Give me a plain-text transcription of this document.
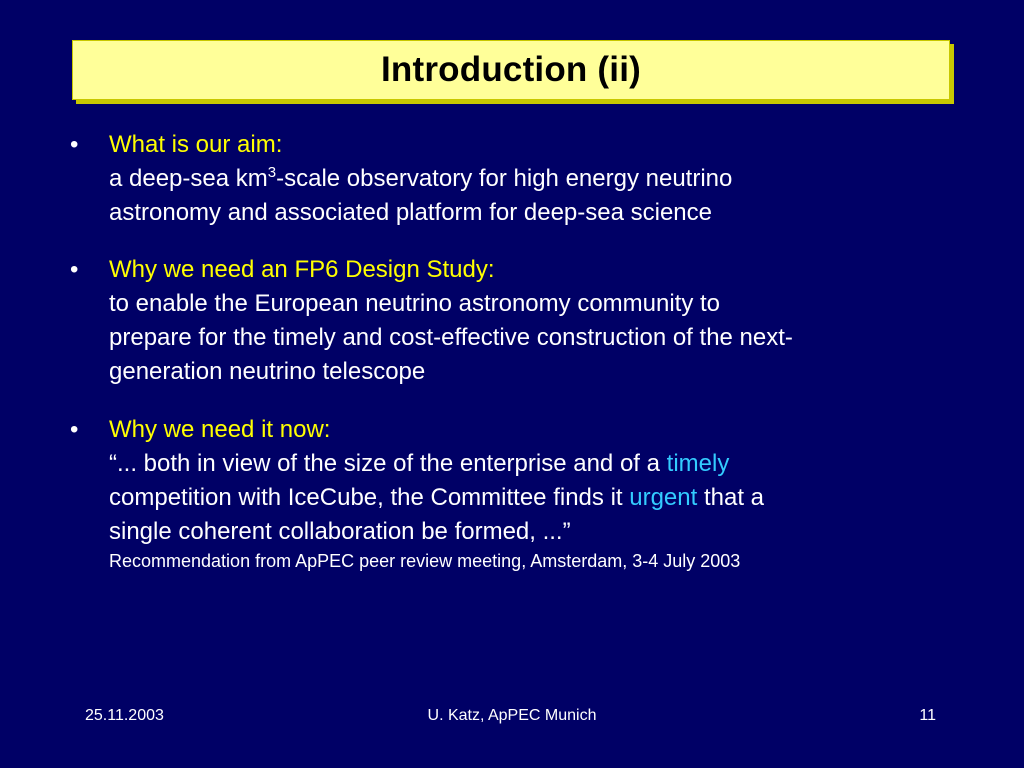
Introduction (ii)
• What is our aim:
a deep-sea $km^3$-scale observatory for high energy neutrino
astronomy and associated platform for deep-sea science
• Why we need an FP6 Design Study:
to enable the European neutrino astronomy community to
prepare for the timely and cost-effective construction of the next-
generation neutrino telescope
• Why we need it now:
“... both in view of the size of the enterprise and of a timely
competition with IceCube, the Committee finds it urgent that a
single coherent collaboration be formed, ...”
Recommendation from ApPEC peer review meeting, Amsterdam, 3-4 July 2003
25.11.2003	U. Katz, ApPEC Munich	11
